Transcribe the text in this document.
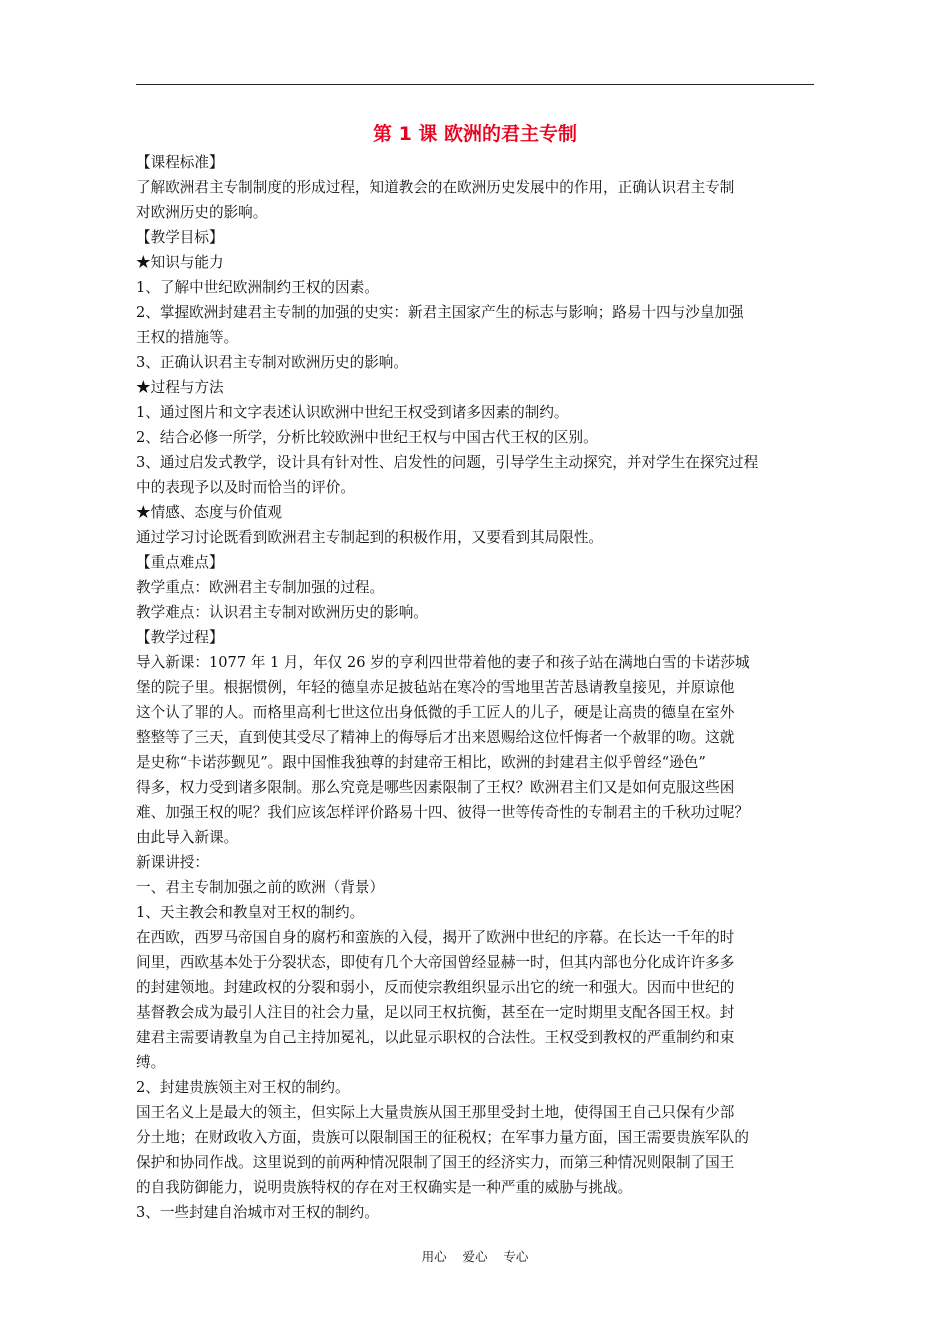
第 1 课 欧洲的君主专制

【课程标准】

了解欧洲君主专制制度的形成过程，知道教会的在欧洲历史发展中的作用，正确认识君主专制

对欧洲历史的影响。

【教学目标】

★知识与能力

1、了解中世纪欧洲制约王权的因素。

2、掌握欧洲封建君主专制的加强的史实：新君主国家产生的标志与影响；路易十四与沙皇加强

王权的措施等。

3、正确认识君主专制对欧洲历史的影响。

★过程与方法

1、通过图片和文字表述认识欧洲中世纪王权受到诸多因素的制约。

2、结合必修一所学，分析比较欧洲中世纪王权与中国古代王权的区别。

3、通过启发式教学，设计具有针对性、启发性的问题，引导学生主动探究，并对学生在探究过程

中的表现予以及时而恰当的评价。

★情感、态度与价值观

通过学习讨论既看到欧洲君主专制起到的积极作用，又要看到其局限性。

【重点难点】

教学重点：欧洲君主专制加强的过程。

教学难点：认识君主专制对欧洲历史的影响。

【教学过程】

导入新课：1077 年 1 月，年仅 26 岁的亨利四世带着他的妻子和孩子站在满地白雪的卡诺莎城

堡的院子里。根据惯例，年轻的德皇赤足披毡站在寒冷的雪地里苦苦恳请教皇接见，并原谅他

这个认了罪的人。而格里高利七世这位出身低微的手工匠人的儿子，硬是让高贵的德皇在室外

整整等了三天，直到使其受尽了精神上的侮辱后才出来恩赐给这位忏悔者一个赦罪的吻。这就

是史称“卡诺莎觐见”。跟中国惟我独尊的封建帝王相比，欧洲的封建君主似乎曾经“逊色”

得多，权力受到诸多限制。那么究竟是哪些因素限制了王权？欧洲君主们又是如何克服这些困

难、加强王权的呢？我们应该怎样评价路易十四、彼得一世等传奇性的专制君主的千秋功过呢？

由此导入新课。

新课讲授：

一、君主专制加强之前的欧洲（背景）

1、天主教会和教皇对王权的制约。

在西欧，西罗马帝国自身的腐朽和蛮族的入侵，揭开了欧洲中世纪的序幕。在长达一千年的时

间里，西欧基本处于分裂状态，即使有几个大帝国曾经显赫一时，但其内部也分化成许许多多

的封建领地。封建政权的分裂和弱小，反而使宗教组织显示出它的统一和强大。因而中世纪的

基督教会成为最引人注目的社会力量，足以同王权抗衡，甚至在一定时期里支配各国王权。封

建君主需要请教皇为自己主持加冕礼，以此显示职权的合法性。王权受到教权的严重制约和束

缚。

2、封建贵族领主对王权的制约。

国王名义上是最大的领主，但实际上大量贵族从国王那里受封土地，使得国王自己只保有少部

分土地；在财政收入方面，贵族可以限制国王的征税权；在军事力量方面，国王需要贵族军队的

保护和协同作战。这里说到的前两种情况限制了国王的经济实力，而第三种情况则限制了国王

的自我防御能力，说明贵族特权的存在对王权确实是一种严重的威胁与挑战。

3、一些封建自治城市对王权的制约。

用心    爱心    专心
